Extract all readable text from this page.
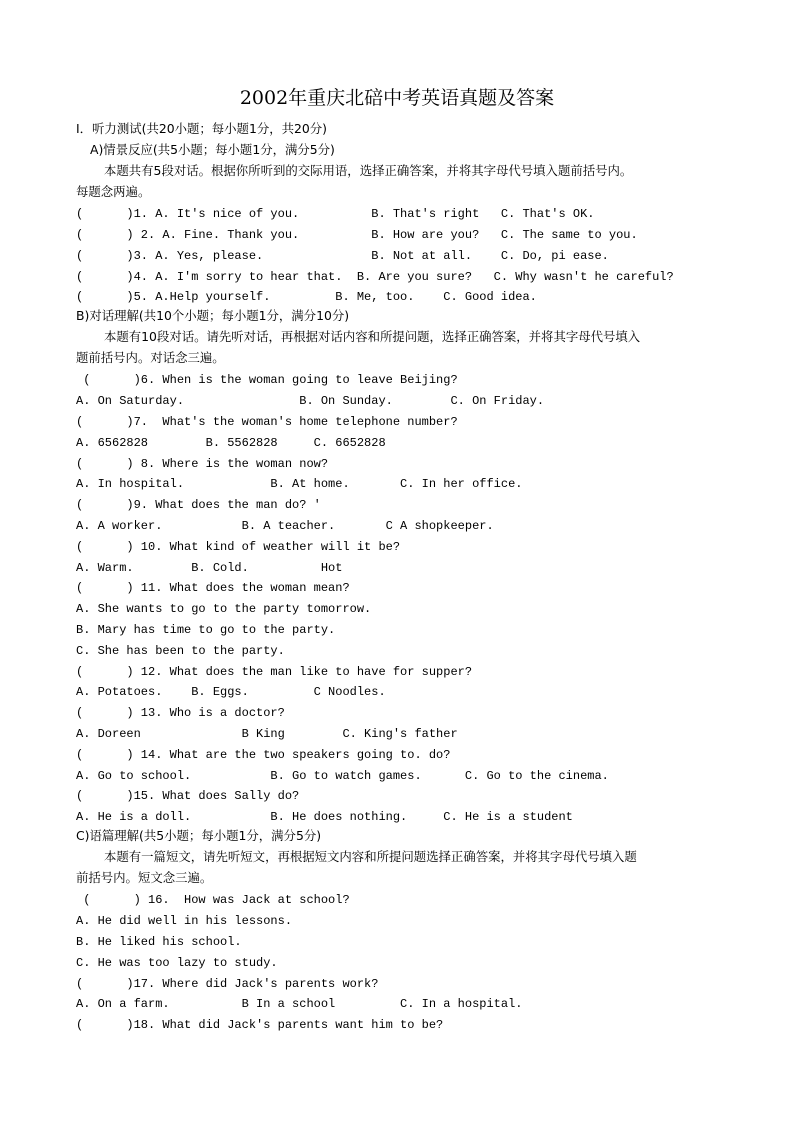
2002年重庆北碚中考英语真题及答案
I．听力测试(共20小题；每小题1分，共20分)
A)情景反应(共5小题；每小题1分，满分5分)
本题共有5段对话。根据你所听到的交际用语，选择正确答案，并将其字母代号填入题前括号内。
每题念两遍。
(      )1. A. It's nice of you.          B. That's right   C. That's OK.
(      ) 2. A. Fine. Thank you.          B. How are you?   C. The same to you.
(      )3. A. Yes, please.               B. Not at all.    C. Do, pi ease.
(      )4. A. I'm sorry to hear that.  B. Are you sure?   C. Why wasn't he careful?
(      )5. A.Help yourself.         B. Me, too.    C. Good idea.
B)对话理解(共10个小题；每小题1分，满分10分)
本题有10段对话。请先听对话，再根据对话内容和所提问题，选择正确答案，并将其字母代号填入
题前括号内。对话念三遍。
(      )6. When is the woman going to leave Beijing?
A. On Saturday.                B. On Sunday.        C. On Friday.
(      )7.  What's the woman's home telephone number?
A. 6562828        B. 5562828     C. 6652828
(      ) 8. Where is the woman now?
A. In hospital.            B. At home.       C. In her office.
(      )9. What does the man do? '
A. A worker.           B. A teacher.       C A shopkeeper.
(      ) 10. What kind of weather will it be?
A. Warm.        B. Cold.          Hot
(      ) 11. What does the woman mean?
A. She wants to go to the party tomorrow.
B. Mary has time to go to the party.
C. She has been to the party.
(      ) 12. What does the man like to have for supper?
A. Potatoes.    B. Eggs.         C Noodles.
(      ) 13. Who is a doctor?
A. Doreen              B King        C. King's father
(      ) 14. What are the two speakers going to. do?
A. Go to school.           B. Go to watch games.      C. Go to the cinema.
(      )15. What does Sally do?
A. He is a doll.           B. He does nothing.     C. He is a student
C)语篇理解(共5小题；每小题1分，满分5分)
本题有一篇短文，请先听短文，再根据短文内容和所提问题选择正确答案，并将其字母代号填入题
前括号内。短文念三遍。
(      ) 16.  How was Jack at school?
A. He did well in his lessons.
B. He liked his school.
C. He was too lazy to study.
(      )17. Where did Jack's parents work?
A. On a farm.          B In a school         C. In a hospital.
(      )18. What did Jack's parents want him to be?
